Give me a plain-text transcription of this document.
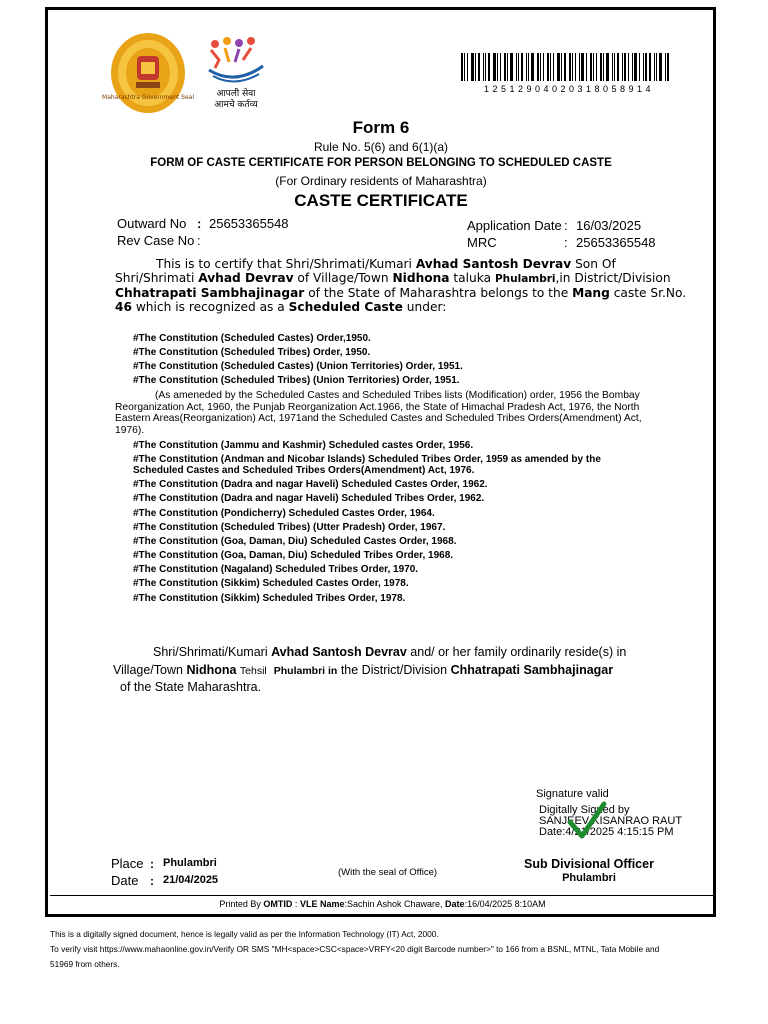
Maharashtra Government Seal	आपली सेवा
आमचे कर्तव्य
1 2 5 1 2 9 0 4 0 2 0 3 1 8 0 5 8 9 1 4
Form 6
Rule No. 5(6) and 6(1)(a)
FORM OF CASTE CERTIFICATE FOR PERSON BELONGING TO SCHEDULED CASTE
(For Ordinary residents of Maharashtra)
CASTE CERTIFICATE
Outward No : 25653365548
Rev Case No :
Application Date : 16/03/2025
MRC	: 25653365548
This is to certify that Shri/Shrimati/Kumari Avhad Santosh Devrav Son Of Shri/Shrimati Avhad Devrav of Village/Town Nidhona taluka Phulambri,in District/Division Chhatrapati Sambhajinagar of the State of Maharashtra belongs to the Mang caste Sr.No. 46 which is recognized as a Scheduled Caste under:
#The Constitution (Scheduled Castes) Order,1950.
#The Constitution (Scheduled Tribes) Order, 1950.
#The Constitution (Scheduled Castes) (Union Territories) Order, 1951.
#The Constitution (Scheduled Tribes) (Union Territories) Order, 1951.
(As ameneded by the Scheduled Castes and Scheduled Tribes lists (Modification) order, 1956 the Bombay Reorganization Act, 1960, the Punjab Reorganization Act.1966, the State of Himachal Pradesh Act, 1976, the North Eastern Areas(Reorganization) Act, 1971and the Scheduled Castes and Scheduled Tribes Orders(Amendment) Act, 1976).
#The Constitution (Jammu and Kashmir) Scheduled castes Order, 1956.
#The Constitution (Andman and Nicobar Islands) Scheduled Tribes Order, 1959 as amended by the
Scheduled Castes and Scheduled Tribes Orders(Amendment) Act, 1976.
#The Constitution (Dadra and nagar Haveli) Scheduled Castes Order, 1962.
#The Constitution (Dadra and nagar Haveli) Scheduled Tribes Order, 1962.
#The Constitution (Pondicherry) Scheduled Castes Order, 1964.
#The Constitution (Scheduled Tribes) (Utter Pradesh) Order, 1967.
#The Constitution (Goa, Daman, Diu) Scheduled Castes Order, 1968.
#The Constitution (Goa, Daman, Diu) Scheduled Tribes Order, 1968.
#The Constitution (Nagaland) Scheduled Tribes Order, 1970.
#The Constitution (Sikkim) Scheduled Castes Order, 1978.
#The Constitution (Sikkim) Scheduled Tribes Order, 1978.
Shri/Shrimati/Kumari Avhad Santosh Devrav and/ or her family ordinarily reside(s) in
Village/Town Nidhona Tehsil Phulambri in the District/Division Chhatrapati Sambhajinagar
of the State Maharashtra.
Signature valid
Digitally Signed by
SANJEEV KISANRAO RAUT
Date:4/21/2025 4:15:15 PM
Place : Phulambri
Date : 21/04/2025
(With the seal of Office)
Sub Divisional Officer
Phulambri
Printed By OMTID : VLE Name:Sachin Ashok Chaware, Date:16/04/2025 8:10AM
This is a digitally signed document, hence is legally valid as per the Information Technology (IT) Act, 2000.
To verify visit https://www.mahaonline.gov.in/Verify OR SMS "MH<space>CSC<space>VRFY<20 digit Barcode number>" to 166 from a BSNL, MTNL, Tata Mobile and
51969 from others.
